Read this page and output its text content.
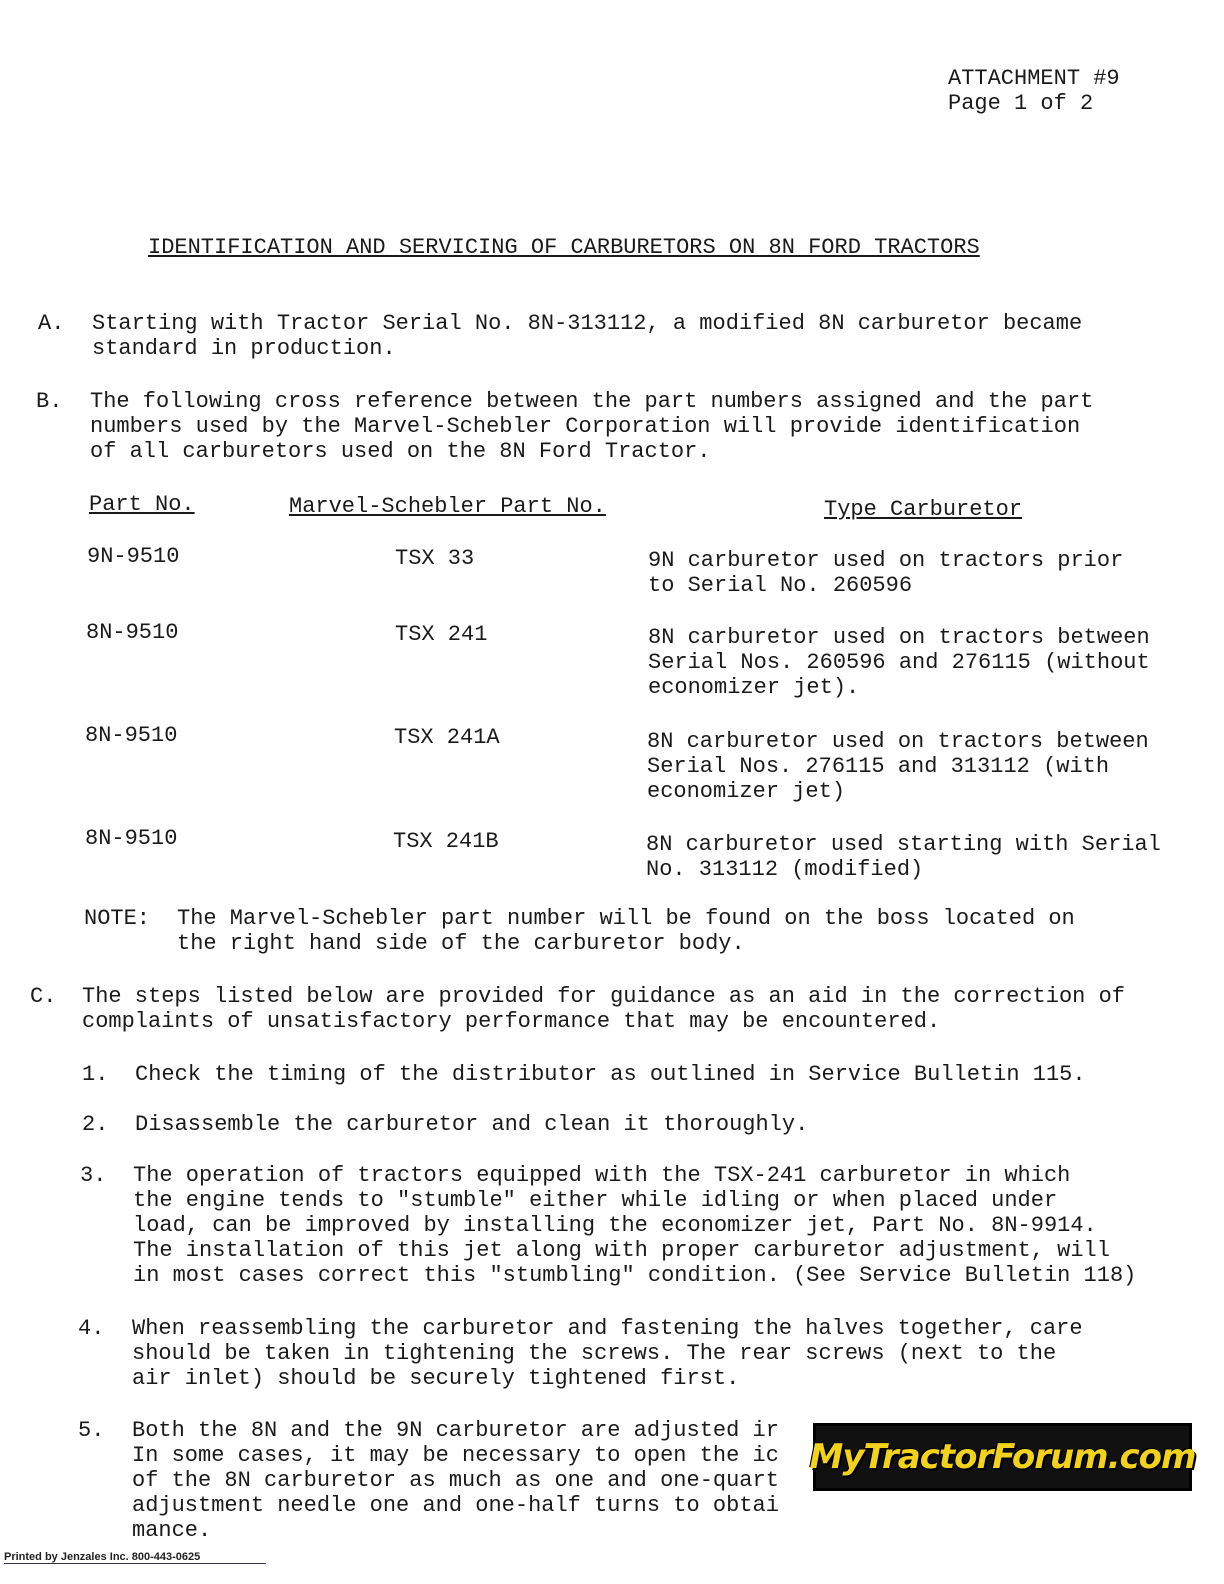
ATTACHMENT #9
Page 1 of 2
IDENTIFICATION AND SERVICING OF CARBURETORS ON 8N FORD TRACTORS
A.	Starting with Tractor Serial No. 8N-313112, a modified 8N carburetor became
standard in production.
B.	The following cross reference between the part numbers assigned and the part
numbers used by the Marvel-Schebler Corporation will provide identification
of all carburetors used on the 8N Ford Tractor.
Part No.	Marvel-Schebler Part No.	Type Carburetor
9N-9510	TSX 33	9N carburetor used on tractors prior
to Serial No. 260596
8N-9510	TSX 241	8N carburetor used on tractors between
Serial Nos. 260596 and 276115 (without
economizer jet).
8N-9510	TSX 241A	8N carburetor used on tractors between
Serial Nos. 276115 and 313112 (with
economizer jet)
8N-9510	TSX 241B	8N carburetor used starting with Serial
No. 313112 (modified)
NOTE: The Marvel-Schebler part number will be found on the boss located on
the right hand side of the carburetor body.
C.	The steps listed below are provided for guidance as an aid in the correction of
complaints of unsatisfactory performance that may be encountered.
1.	Check the timing of the distributor as outlined in Service Bulletin 115.
2.	Disassemble the carburetor and clean it thoroughly.
3.	The operation of tractors equipped with the TSX-241 carburetor in which
the engine tends to "stumble" either while idling or when placed under
load, can be improved by installing the economizer jet, Part No. 8N-9914.
The installation of this jet along with proper carburetor adjustment, will
in most cases correct this "stumbling" condition. (See Service Bulletin 118)
4.	When reassembling the carburetor and fastening the halves together, care
should be taken in tightening the screws. The rear screws (next to the
air inlet) should be securely tightened first.
5.	Both the 8N and the 9N carburetor are adjusted ir
In some cases, it may be necessary to open the ic
of the 8N carburetor as much as one and one-quart
adjustment needle one and one-half turns to obtai
mance.
MyTractorForum.com
Printed by Jenzales Inc. 800-443-0625
